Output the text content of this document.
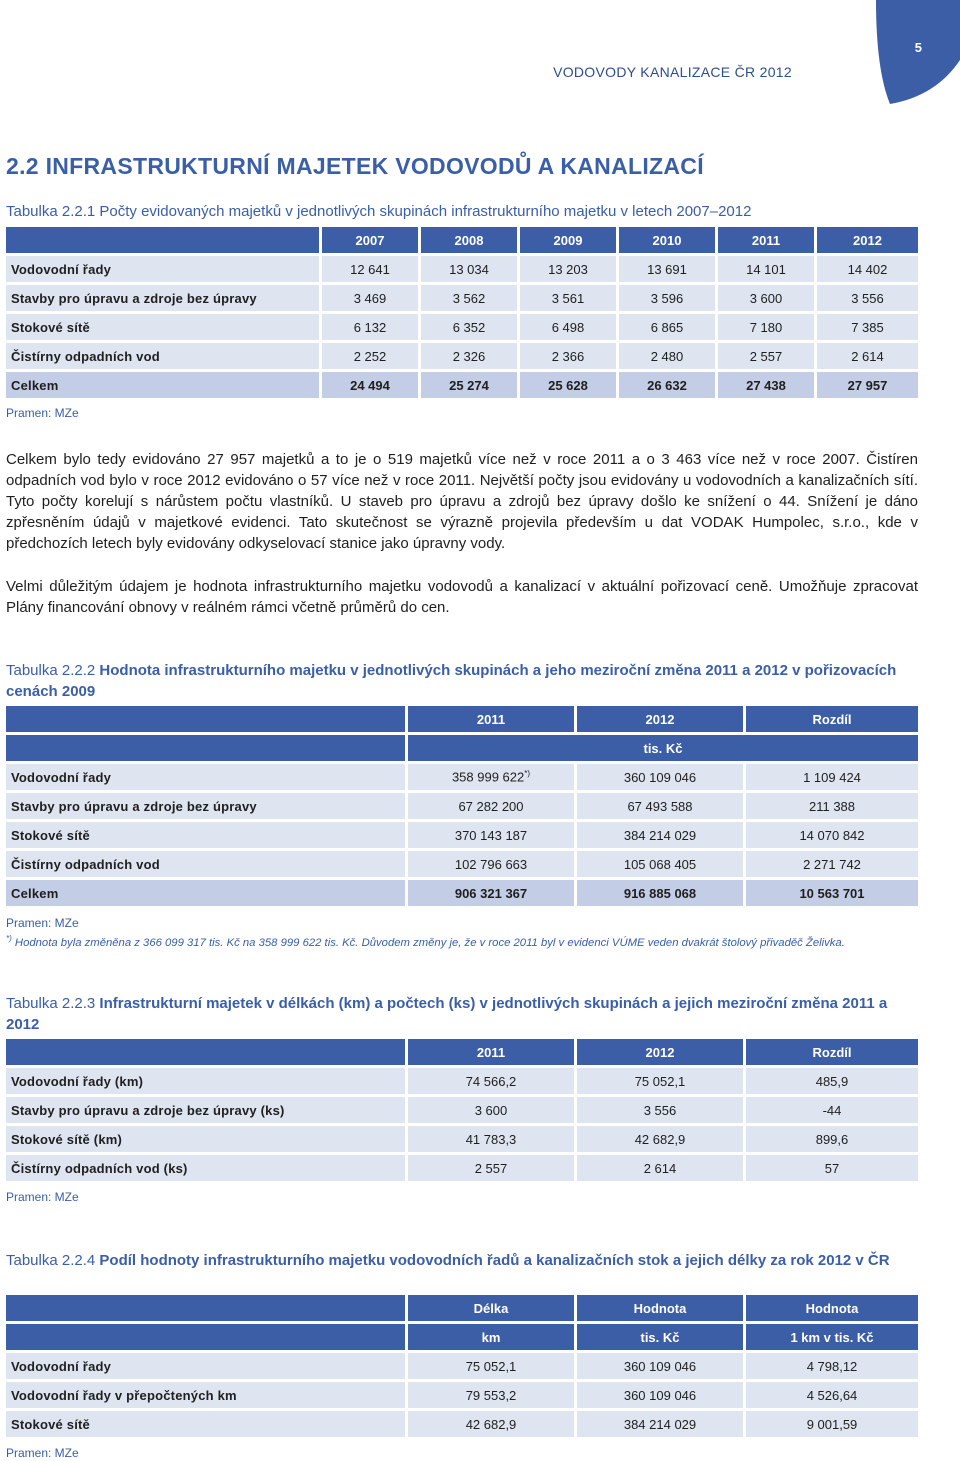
VODOVODY KANALIZACE ČR 2012
5
2.2 INFRASTRUKTURNÍ MAJETEK VODOVODŮ A KANALIZACÍ

Tabulka 2.2.1 Počty evidovaných majetků v jednotlivých skupinách infrastrukturního majetku v letech 2007–2012

	2007	2008	2009	2010	2011	2012
Vodovodní řady	12 641	13 034	13 203	13 691	14 101	14 402
Stavby pro úpravu a zdroje bez úpravy	3 469	3 562	3 561	3 596	3 600	3 556
Stokové sítě	6 132	6 352	6 498	6 865	7 180	7 385
Čistírny odpadních vod	2 252	2 326	2 366	2 480	2 557	2 614
Celkem	24 494	25 274	25 628	26 632	27 438	27 957
Pramen: MZe

Celkem bylo tedy evidováno 27 957 majetků a to je o 519 majetků více než v roce 2011 a o 3 463 více než v roce 2007. Čistíren odpadních vod bylo v roce 2012 evidováno o 57 více než v roce 2011. Největší počty jsou evidovány u vodovodních a kanalizačních sítí. Tyto počty korelují s nárůstem počtu vlastníků. U staveb pro úpravu a zdrojů bez úpravy došlo ke snížení o 44. Snížení je dáno zpřesněním údajů v majetkové evidenci. Tato skutečnost se výrazně projevila především u dat VODAK Humpolec, s.r.o., kde v předchozích letech byly evidovány odkyselovací stanice jako úpravny vody.

Velmi důležitým údajem je hodnota infrastrukturního majetku vodovodů a kanalizací v aktuální pořizovací ceně. Umožňuje zpracovat Plány financování obnovy v reálném rámci včetně průměrů do cen.

Tabulka 2.2.2 Hodnota infrastrukturního majetku v jednotlivých skupinách a jeho meziroční změna 2011 a 2012 v pořizovacích cenách 2009

	2011	2012	Rozdíl
	tis. Kč		
Vodovodní řady	358 999 622*)	360 109 046	1 109 424
Stavby pro úpravu a zdroje bez úpravy	67 282 200	67 493 588	211 388
Stokové sítě	370 143 187	384 214 029	14 070 842
Čistírny odpadních vod	102 796 663	105 068 405	2 271 742
Celkem	906 321 367	916 885 068	10 563 701
Pramen: MZe
*) Hodnota byla změněna z 366 099 317 tis. Kč na 358 999 622 tis. Kč. Důvodem změny je, že v roce 2011 byl v evidenci VÚME veden dvakrát štolový přivaděč Želivka.

Tabulka 2.2.3 Infrastrukturní majetek v délkách (km) a počtech (ks) v jednotlivých skupinách a jejich meziroční změna 2011 a 2012

	2011	2012	Rozdíl
Vodovodní řady (km)	74 566,2	75 052,1	485,9
Stavby pro úpravu a zdroje bez úpravy (ks)	3 600	3 556	-44
Stokové sítě (km)	41 783,3	42 682,9	899,6
Čistírny odpadních vod (ks)	2 557	2 614	57
Pramen: MZe

Tabulka 2.2.4 Podíl hodnoty infrastrukturního majetku vodovodních řadů a kanalizačních stok a jejich délky za rok 2012 v ČR

	Délka	Hodnota	Hodnota
	km	tis. Kč	1 km v tis. Kč
Vodovodní řady	75 052,1	360 109 046	4 798,12
Vodovodní řady v přepočtených km	79 553,2	360 109 046	4 526,64
Stokové sítě	42 682,9	384 214 029	9 001,59
Pramen: MZe
